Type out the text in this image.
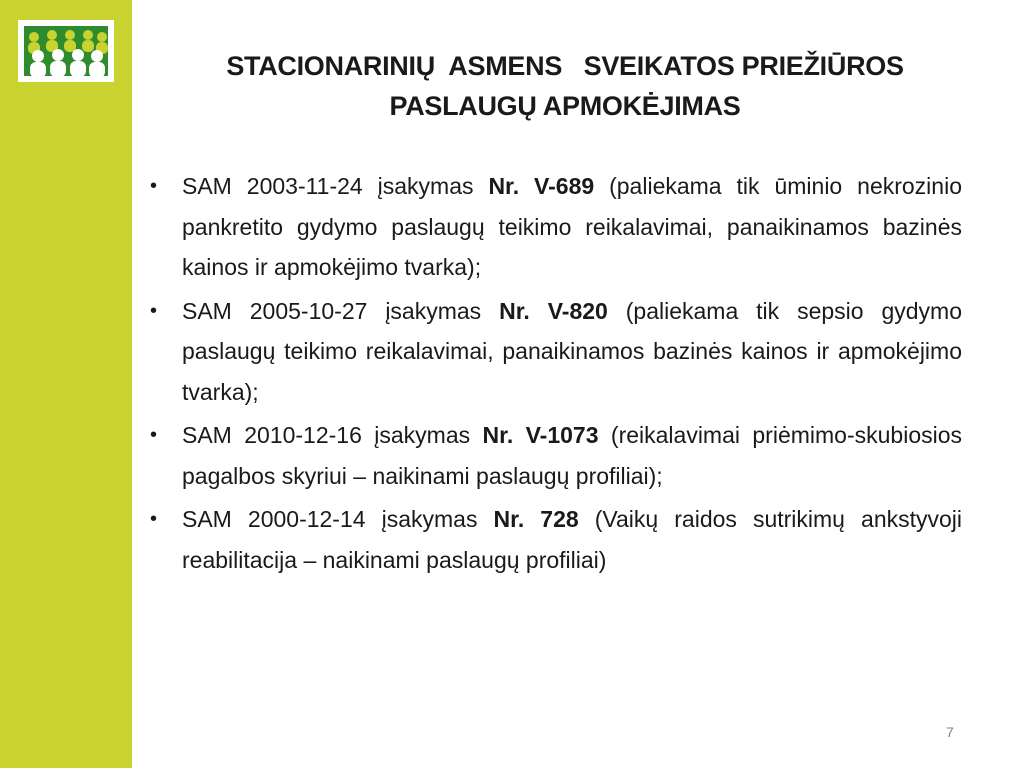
STACIONARINIŲ  ASMENS   SVEIKATOS PRIEŽIŪROS
PASLAUGŲ APMOKĖJIMAS
• SAM 2003-11-24 įsakymas Nr. V-689 (paliekama tik ūminio nekrozinio pankretito gydymo paslaugų teikimo reikalavimai, panaikinamos bazinės kainos ir apmokėjimo tvarka);
• SAM 2005-10-27 įsakymas Nr. V-820 (paliekama tik sepsio gydymo paslaugų teikimo reikalavimai, panaikinamos bazinės kainos ir apmokėjimo tvarka);
• SAM 2010-12-16 įsakymas Nr. V-1073 (reikalavimai priėmimo-skubiosios pagalbos skyriui – naikinami paslaugų profiliai);
• SAM 2000-12-14 įsakymas Nr. 728 (Vaikų raidos sutrikimų ankstyvoji reabilitacija – naikinami paslaugų profiliai)
7
